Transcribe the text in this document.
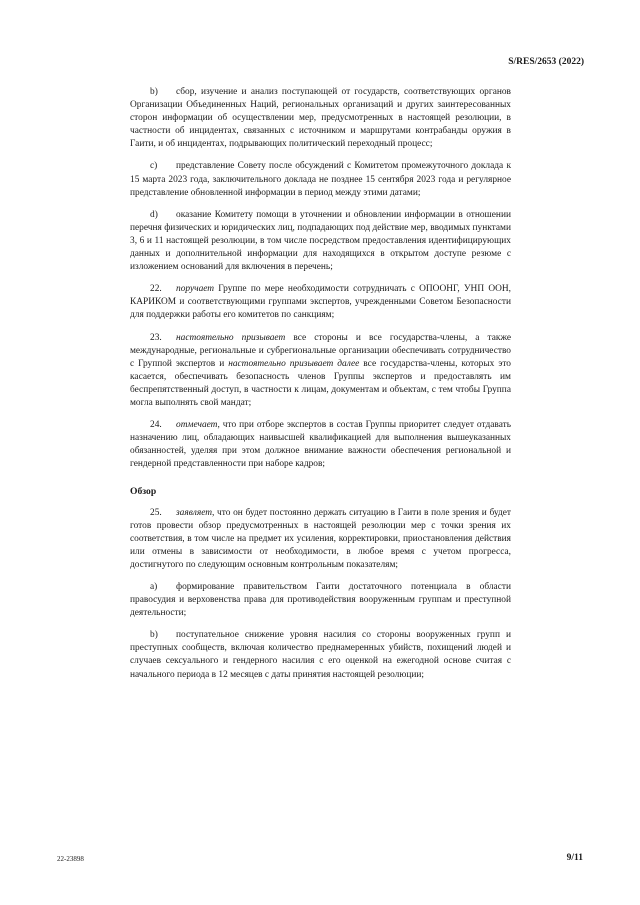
S/RES/2653 (2022)

b) сбор, изучение и анализ поступающей от государств, соответствующих органов Организации Объединенных Наций, региональных организаций и других заинтересованных сторон информации об осуществлении мер, предусмотренных в настоящей резолюции, в частности об инцидентах, связанных с источником и маршрутами контрабанды оружия в Гаити, и об инцидентах, подрывающих политический переходный процесс;

c) представление Совету после обсуждений с Комитетом промежуточного доклада к 15 марта 2023 года, заключительного доклада не позднее 15 сентября 2023 года и регулярное представление обновленной информации в период между этими датами;

d) оказание Комитету помощи в уточнении и обновлении информации в отношении перечня физических и юридических лиц, подпадающих под действие мер, вводимых пунктами 3, 6 и 11 настоящей резолюции, в том числе посредством предоставления идентифицирующих данных и дополнительной информации для находящихся в открытом доступе резюме с изложением оснований для включения в перечень;

22. поручает Группе по мере необходимости сотрудничать с ОПООНГ, УНП ООН, КАРИКОМ и соответствующими группами экспертов, учрежденными Советом Безопасности для поддержки работы его комитетов по санкциям;

23. настоятельно призывает все стороны и все государства-члены, а также международные, региональные и субрегиональные организации обеспечивать сотрудничество с Группой экспертов и настоятельно призывает далее все государства-члены, которых это касается, обеспечивать безопасность членов Группы экспертов и предоставлять им беспрепятственный доступ, в частности к лицам, документам и объектам, с тем чтобы Группа могла выполнять свой мандат;

24. отмечает, что при отборе экспертов в состав Группы приоритет следует отдавать назначению лиц, обладающих наивысшей квалификацией для выполнения вышеуказанных обязанностей, уделяя при этом должное внимание важности обеспечения региональной и гендерной представленности при наборе кадров;

Обзор

25. заявляет, что он будет постоянно держать ситуацию в Гаити в поле зрения и будет готов провести обзор предусмотренных в настоящей резолюции мер с точки зрения их соответствия, в том числе на предмет их усиления, корректировки, приостановления действия или отмены в зависимости от необходимости, в любое время с учетом прогресса, достигнутого по следующим основным контрольным показателям;

a) формирование правительством Гаити достаточного потенциала в области правосудия и верховенства права для противодействия вооруженным группам и преступной деятельности;

b) поступательное снижение уровня насилия со стороны вооруженных групп и преступных сообществ, включая количество преднамеренных убийств, похищений людей и случаев сексуального и гендерного насилия с его оценкой на ежегодной основе считая с начального периода в 12 месяцев с даты принятия настоящей резолюции;

22-23898	9/11
